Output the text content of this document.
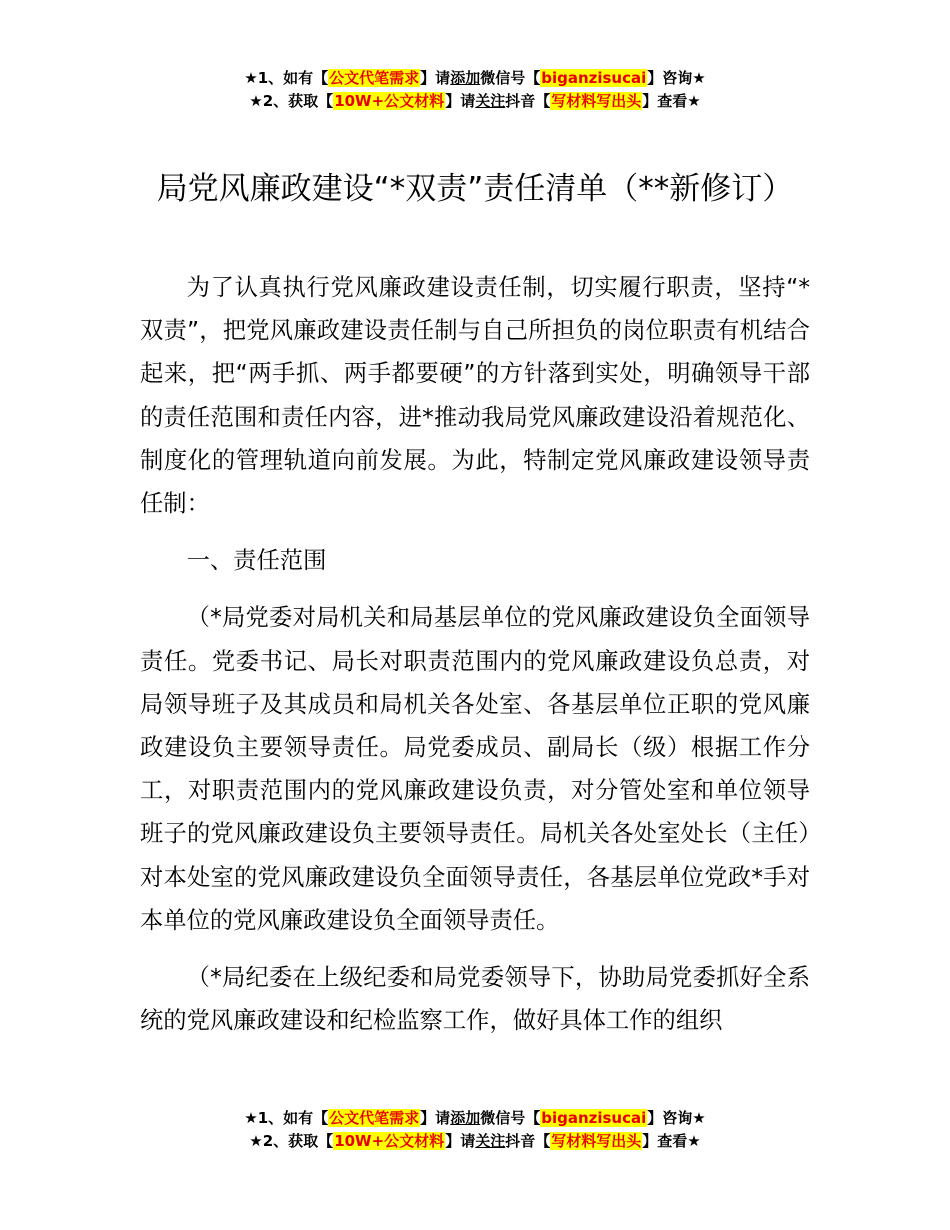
★1、如有【公文代笔需求】请添加微信号【biganzisucai】咨询★
★2、获取【10W+公文材料】请关注抖音【写材料写出头】查看★
局党风廉政建设“*双责”责任清单（**新修订）

为了认真执行党风廉政建设责任制，切实履行职责，坚持“*双责”，把党风廉政建设责任制与自己所担负的岗位职责有机结合起来，把“两手抓、两手都要硬”的方针落到实处，明确领导干部的责任范围和责任内容，进*推动我局党风廉政建设沿着规范化、制度化的管理轨道向前发展。为此，特制定党风廉政建设领导责任制：

一、责任范围

（*局党委对局机关和局基层单位的党风廉政建设负全面领导责任。党委书记、局长对职责范围内的党风廉政建设负总责，对局领导班子及其成员和局机关各处室、各基层单位正职的党风廉政建设负主要领导责任。局党委成员、副局长（级）根据工作分工，对职责范围内的党风廉政建设负责，对分管处室和单位领导班子的党风廉政建设负主要领导责任。局机关各处室处长（主任）对本处室的党风廉政建设负全面领导责任，各基层单位党政*手对本单位的党风廉政建设负全面领导责任。

（*局纪委在上级纪委和局党委领导下，协助局党委抓好全系统的党风廉政建设和纪检监察工作，做好具体工作的组织

★1、如有【公文代笔需求】请添加微信号【biganzisucai】咨询★
★2、获取【10W+公文材料】请关注抖音【写材料写出头】查看★
